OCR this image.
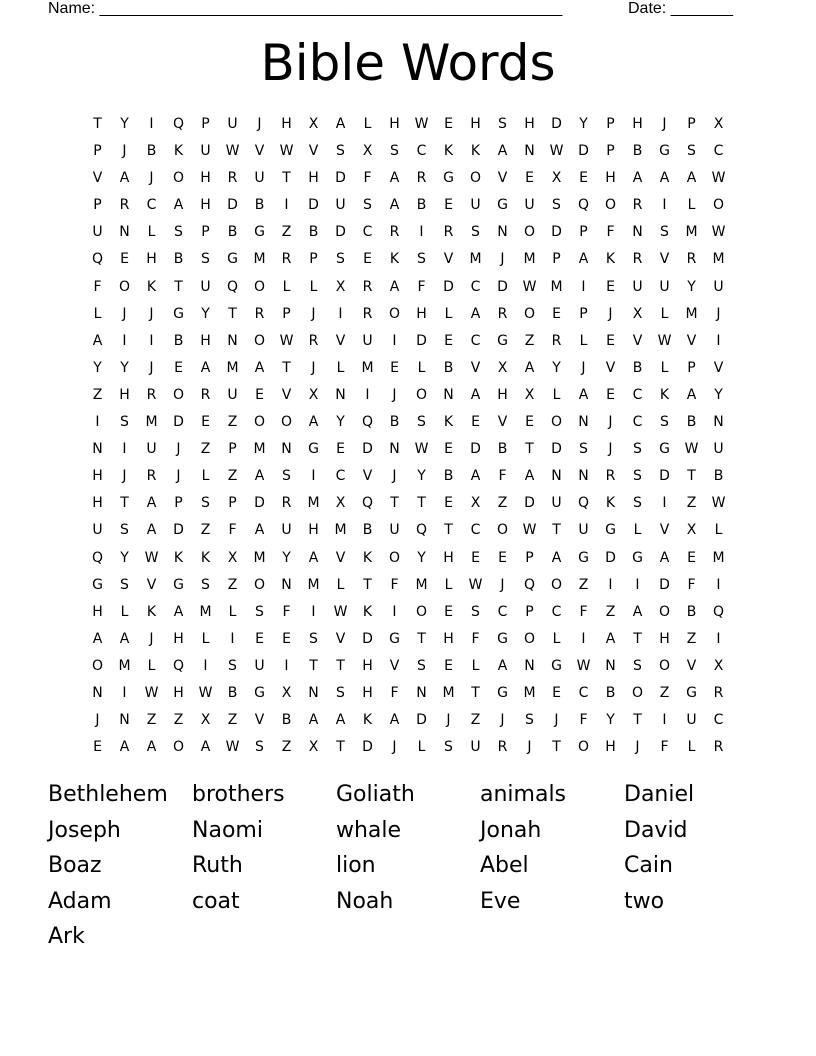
Name: ____________________________________________________	Date: _______
Bible Words
T	Y	I	Q	P	U	J	H	X	A	L	H	W	E	H	S	H	D	Y	P	H	J	P	X
P	J	B	K	U	W	V	W	V	S	X	S	C	K	K	A	N	W	D	P	B	G	S	C
V	A	J	O	H	R	U	T	H	D	F	A	R	G	O	V	E	X	E	H	A	A	A	W
P	R	C	A	H	D	B	I	D	U	S	A	B	E	U	G	U	S	Q	O	R	I	L	O
U	N	L	S	P	B	G	Z	B	D	C	R	I	R	S	N	O	D	P	F	N	S	M	W
Q	E	H	B	S	G	M	R	P	S	E	K	S	V	M	J	M	P	A	K	R	V	R	M
F	O	K	T	U	Q	O	L	L	X	R	A	F	D	C	D	W	M	I	E	U	U	Y	U
L	J	J	G	Y	T	R	P	J	I	R	O	H	L	A	R	O	E	P	J	X	L	M	J
A	I	I	B	H	N	O	W	R	V	U	I	D	E	C	G	Z	R	L	E	V	W	V	I
Y	Y	J	E	A	M	A	T	J	L	M	E	L	B	V	X	A	Y	J	V	B	L	P	V
Z	H	R	O	R	U	E	V	X	N	I	J	O	N	A	H	X	L	A	E	C	K	A	Y
I	S	M	D	E	Z	O	O	A	Y	Q	B	S	K	E	V	E	O	N	J	C	S	B	N
N	I	U	J	Z	P	M	N	G	E	D	N	W	E	D	B	T	D	S	J	S	G	W	U
H	J	R	J	L	Z	A	S	I	C	V	J	Y	B	A	F	A	N	N	R	S	D	T	B
H	T	A	P	S	P	D	R	M	X	Q	T	T	E	X	Z	D	U	Q	K	S	I	Z	W
U	S	A	D	Z	F	A	U	H	M	B	U	Q	T	C	O	W	T	U	G	L	V	X	L
Q	Y	W	K	K	X	M	Y	A	V	K	O	Y	H	E	E	P	A	G	D	G	A	E	M
G	S	V	G	S	Z	O	N	M	L	T	F	M	L	W	J	Q	O	Z	I	I	D	F	I
H	L	K	A	M	L	S	F	I	W	K	I	O	E	S	C	P	C	F	Z	A	O	B	Q
A	A	J	H	L	I	E	E	S	V	D	G	T	H	F	G	O	L	I	A	T	H	Z	I
O	M	L	Q	I	S	U	I	T	T	H	V	S	E	L	A	N	G	W	N	S	O	V	X
N	I	W	H	W	B	G	X	N	S	H	F	N	M	T	G	M	E	C	B	O	Z	G	R
J	N	Z	Z	X	Z	V	B	A	A	K	A	D	J	Z	J	S	J	F	Y	T	I	U	C
E	A	A	O	A	W	S	Z	X	T	D	J	L	S	U	R	J	T	O	H	J	F	L	R
Bethlehem	brothers	Goliath	animals	Daniel
Joseph	Naomi	whale	Jonah	David
Boaz	Ruth	lion	Abel	Cain
Adam	coat	Noah	Eve	two
Ark
